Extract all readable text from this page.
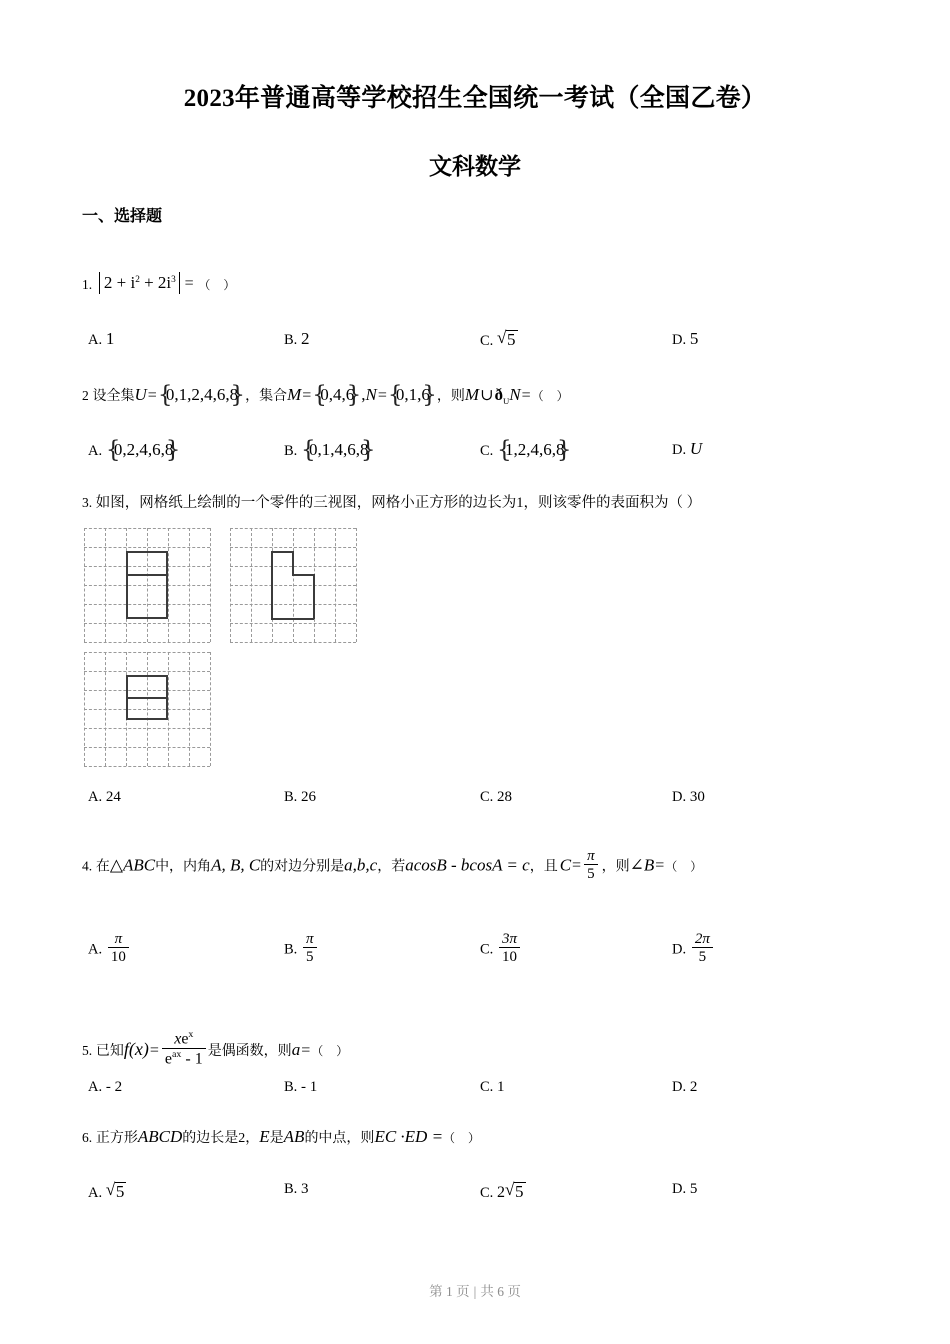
2023年普通高等学校招生全国统一考试（全国乙卷）
文科数学
一、选择题
1. $2 + i^2 + 2i^3$ = （ ）
A. 1	B. 2	C. √ 5	D. 5
2 设全集U= { 0,1,2,4,6,8 } ，集合M= { 0,4,6 } ,N= { 0,1,6 } ，则$M\cup ð_UN=$（ ）
A. { 0,2,4,6,8 }	B. { 0,1,4,6,8 }	C. { 1,2,4,6,8 }	D. U
3. 如图，网格纸上绘制的一个零件的三视图，网格小正方形的边长为1，则该零件的表面积为（ ）
A. 24	B. 26	C. 28	D. 30
4. 在△ABC中，内角A, B, C的对边分别是a,b,c，若acosB - bcosA = c，且 $C= \frac{\pi}{5}$ ，则∠B=（ ）
A. $\frac{\pi}{10}$	B. $\frac{\pi}{5}$	C. $\frac{3\pi}{10}$	D. $\frac{2\pi}{5}$
5. 已知$f(x)= \frac{xe^x}{e^{ax} - 1}$ 是偶函数，则a=（ ）
A. - 2	B. - 1	C. 1	D. 2
6. 正方形ABCD的边长是2，E是AB的中点，则EC ·ED =（ ）
A. √ 5	B. 3	C. 2 √ 5	D. 5
第 1 页 | 共 6 页
